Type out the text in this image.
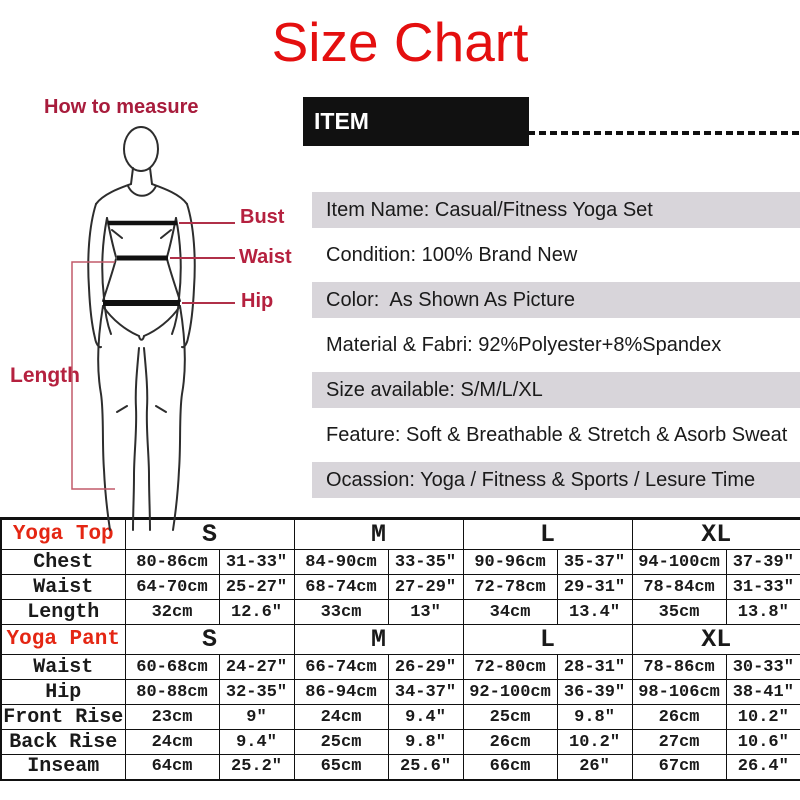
Size Chart
How to measure
Bust
Waist
Hip
Length
ITEM INFORMATION
Item Name: Casual/Fitness Yoga Set
Condition: 100% Brand New
Color:  As Shown As Picture
Material & Fabri: 92%Polyester+8%Spandex
Size available: S/M/L/XL
Feature: Soft & Breathable & Stretch & Asorb Sweat
Ocassion: Yoga / Fitness & Sports / Lesure Time
Yoga Top	S		M		L		XL	
Chest	80-86cm	31-33″	84-90cm	33-35″	90-96cm	35-37″	94-100cm	37-39″
Waist	64-70cm	25-27″	68-74cm	27-29″	72-78cm	29-31″	78-84cm	31-33″
Length	32cm	12.6″	33cm	13″	34cm	13.4″	35cm	13.8″
Yoga Pant	S		M		L		XL	
Waist	60-68cm	24-27″	66-74cm	26-29″	72-80cm	28-31″	78-86cm	30-33″
Hip	80-88cm	32-35″	86-94cm	34-37″	92-100cm	36-39″	98-106cm	38-41″
Front Rise	23cm	9″	24cm	9.4″	25cm	9.8″	26cm	10.2″
Back Rise	24cm	9.4″	25cm	9.8″	26cm	10.2″	27cm	10.6″
Inseam	64cm	25.2″	65cm	25.6″	66cm	26″	67cm	26.4″
